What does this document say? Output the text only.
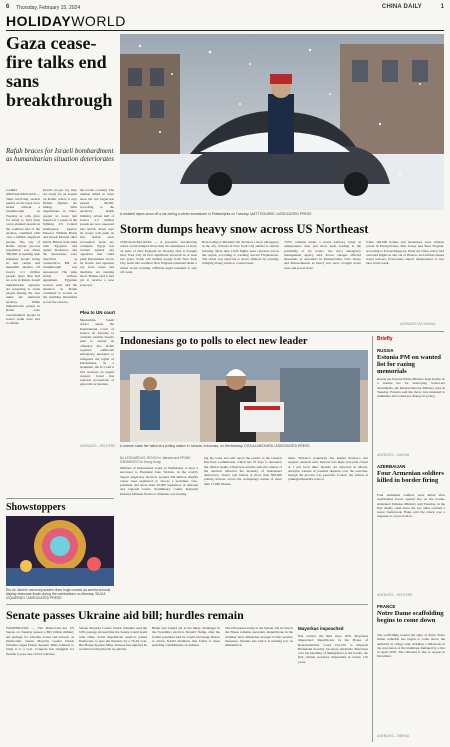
6 Thursday, February 15, 2024	CHINA DAILY	1
HOLIDAYWORLD
Gaza cease-fire talks end sans breakthrough
Rafah braces for Israeli bombardment as humanitarian situation deteriorates
CAIRO, JERUSALEM/GAZA — Talks involving several parties on the Gaza truce ended without a breakthrough on Tuesday as calls grew for Israel to hold back on its planned assault on the southern end of the enclave, crammed with over a million displaced people. The city of Rafah, whose pre-war population was about 300,000, is teeming with homeless people living in tent camps and makeshift shelters. Of Gaza's 2.3 million people, more than half are now in Rafah. Israeli humanitarian agencies are preparing to assist people fleeing the area under the shattered territory. While humanitarian groups in Rafah were overwhelmed, people in Gaza's south were told to shelter.
Israel's troops say they are ready for an assault on Rafah, where it says Hamas fighters are hiding. With negotiations in Cairo, people in Gaza had hoped for a pause in the fighting. US Central Intelligence Agency Director William Burns and Israeli Mossad chief David Barnea held talks with Egyptian and Qatari mediators, and the discussions were described as constructive. But no breakthrough was announced. The talks ended without agreement, Egyptian sources said, and the situation in Rafah continued to worsen as the bombing intensified across the enclave.
the border crossing. The number killed in Gaza since the war began has passed 28,000, according to the enclave's health ministry. About half of Gaza's 2.3 million people are now squeezed into Rafah. Israel says its troops will push on into Rafah once evacuation plans are complete. Egypt has warned against any operation that could push Palestinians across its border. Aid agencies say food, water and medicine are running short. Hamas said it had yet to receive a new proposal.
Plea to UN court
Meanwhile, South Africa asked the International Court of Justice on Tuesday to consider whether Israel's plan to extend its offensive into Rafah required additional emergency measures to safeguard the rights of Palestinians. In a statement, the ICJ said it had received an urgent request. Israel has rejected accusations of genocide as baseless.
AGENCIES – REUTERS
A resident wipes snow off a car during a winter snowstorm in Philadelphia on Tuesday. MATT ROURKE / ASSOCIATED PRESS
Storm dumps heavy snow across US Northeast
CHICAGO/ATLANTA — A powerful, fast-moving winter storm dumped more than 30 centimeters of snow on parts of New England on Tuesday after it brought New York City its first significant snowfall in at least two years. Some 120 million people from New York City north into southern New England remained under a winter storm warning. Officials urged residents to stay off roads.
Boston Mayor Michelle Wu declared a snow emergency in the city. Schools in New York City shifted to remote learning. More than 1,000 flights were canceled across the region, according to tracking service FlightAware. The storm was expected to move offshore by evening, bringing strong winds to coastal areas.
"NYC remains under a travel advisory today as temperatures drop and snow ends, leading to the possibility of icy roads," the city's emergency management agency said. Power outages affected thousands of customers in Pennsylvania, New Jersey and Massachusetts as heavy wet snow brought down trees and power lines.
Some 100,000 homes and businesses were without power in Pennsylvania, New Jersey and West Virginia, according to PowerOutage.us. Delta Air Lines said it had canceled flights in and out of Boston, and airlines issued travel waivers. Forecasters expect temperatures to rise later in the week.
AGENCIES VIA XINHUA
Indonesians go to polls to elect new leader
A woman casts her ballot at a polling station in Jakarta, Indonesia, on Wednesday. DITA ALANGKARA / ASSOCIATED PRESS
By LEONARDUS JEGHO in Jakarta and PRIME SARMIENTO in Hong Kong
Millions of Indonesians voted on Wednesday to elect a successor to President Joko Widodo, in the world's largest single-day election. Around 204 million eligible voters were registered to choose a president, vice-president and more than 20,000 legislators at national and regional levels. Preliminary counts indicated Defense Minister Prabowo Subianto was leading.
ing the votes and will report the results to the General Elections Commission, which has 35 days to announce the official results. Observers said the smooth conduct of the election reflected the maturity of Indonesia's democracy. Voters cast ballots at more than 820,000 polling stations across the archipelago nation of more than 17,000 islands.
them. Widodo's popularity has helped Prabowo win support, analysts said. Turnout was high, and polls closed at 1 pm local time. Results are expected in March. Analysts warned of possible disputes over the outcome, though the process was peaceful. Contact the writers at prime@chinadaily.com.cn
Showstoppers
Rio de Janeiro carnival parades draw huge crowds as samba schools display elaborate floats during the celebrations on Monday. SILVIA IZQUIERDO / ASSOCIATED PRESS
Senate passes Ukraine aid bill; hurdles remain
WASHINGTON — The Democratic-led US Senate on Tuesday passed a $95 billion military aid package for Ukraine, Israel and Taiwan, as Democratic Senate Majority Leader Chuck Schumer urged House Speaker Mike Johnson to bring it to a vote. Congress has struggled for months to pass new aid for Ukraine.
Senate Majority Leader Chuck Schumer said the bill's passage showed that the Senate would stand with allies. Some Republican senators joined Democrats to pass the measure by a 70-29 vote. But House Speaker Mike Johnson has signaled he would not bring the bill up quickly.
Biden also lashed out at the likely challenger in the November election, Donald Trump, after the former president said he would encourage Russia to attack NATO members that failed to meet spending commitments on defense.
The bill passed easily in the Senate, but its fate in the House remains uncertain. Republicans in the chamber have demanded stronger border security measures. Ukraine has said it is running low on ammunition.
Mayorkas impeached
first contact, the third since 1979. Mayorkas impeached: Republicans in the House of Representatives voted 214-216 to impeach Homeland Security Secretary Alejandro Mayorkas over his handling of immigration at the border, the first cabinet secretary impeached in nearly 150 years.
Briefly
RUSSIA
Estonia PM on wanted list for razing memorials
Russia put Estonia Prime Minister Kaja Kallas on a wanted list for destroying Soviet-era monuments, the Russian Interior Ministry said on Tuesday. Estonia said the move was intended to intimidate and would not change its policy.
AGENCIES – XINHUA
AZERBAIJAN
Four Armenian soldiers killed in border firing
Four Armenian soldiers were killed after Azerbaijani forces opened fire on the border, Armenia's Defense Ministry said Tuesday, in the first deadly clash since the two sides reached a peace framework. Baku said the attack was a response to a provocation.
AGENCIES – REUTERS
FRANCE
Notre Dame scaffolding begins to come down
The scaffolding around the spire of Paris' Notre Dame cathedral has begun to come down, the authority in charge said, marking a milestone in the restoration of the landmark damaged by a fire in April 2019. The cathedral is due to reopen in December.
AGENCIES – XINHUA
